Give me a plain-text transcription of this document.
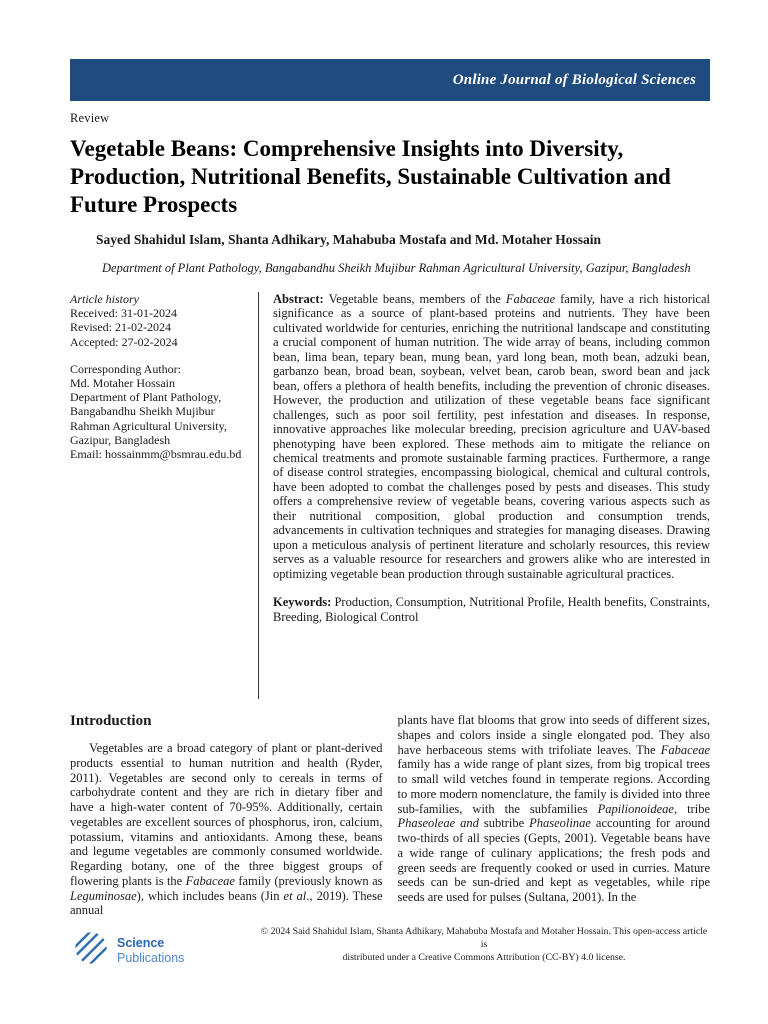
Online Journal of Biological Sciences
Review
Vegetable Beans: Comprehensive Insights into Diversity,
Production, Nutritional Benefits, Sustainable Cultivation and
Future Prospects
Sayed Shahidul Islam, Shanta Adhikary, Mahabuba Mostafa and Md. Motaher Hossain
Department of Plant Pathology, Bangabandhu Sheikh Mujibur Rahman Agricultural University, Gazipur, Bangladesh
Article history
Received: 31-01-2024
Revised: 21-02-2024
Accepted: 27-02-2024
Corresponding Author:
Md. Motaher Hossain
Department of Plant Pathology,
Bangabandhu Sheikh Mujibur
Rahman Agricultural University,
Gazipur, Bangladesh
Email: hossainmm@bsmrau.edu.bd

Abstract: Vegetable beans, members of the Fabaceae family, have a rich historical significance as a source of plant-based proteins and nutrients. They have been cultivated worldwide for centuries, enriching the nutritional landscape and constituting a crucial component of human nutrition. The wide array of beans, including common bean, lima bean, tepary bean, mung bean, yard long bean, moth bean, adzuki bean, garbanzo bean, broad bean, soybean, velvet bean, carob bean, sword bean and jack bean, offers a plethora of health benefits, including the prevention of chronic diseases. However, the production and utilization of these vegetable beans face significant challenges, such as poor soil fertility, pest infestation and diseases. In response, innovative approaches like molecular breeding, precision agriculture and UAV-based phenotyping have been explored. These methods aim to mitigate the reliance on chemical treatments and promote sustainable farming practices. Furthermore, a range of disease control strategies, encompassing biological, chemical and cultural controls, have been adopted to combat the challenges posed by pests and diseases. This study offers a comprehensive review of vegetable beans, covering various aspects such as their nutritional composition, global production and consumption trends, advancements in cultivation techniques and strategies for managing diseases. Drawing upon a meticulous analysis of pertinent literature and scholarly resources, this review serves as a valuable resource for researchers and growers alike who are interested in optimizing vegetable bean production through sustainable agricultural practices.

Keywords: Production, Consumption, Nutritional Profile, Health benefits, Constraints, Breeding, Biological Control

Introduction

Vegetables are a broad category of plant or plant-derived products essential to human nutrition and health (Ryder, 2011). Vegetables are second only to cereals in terms of carbohydrate content and they are rich in dietary fiber and have a high-water content of 70-95%. Additionally, certain vegetables are excellent sources of phosphorus, iron, calcium, potassium, vitamins and antioxidants. Among these, beans and legume vegetables are commonly consumed worldwide. Regarding botany, one of the three biggest groups of flowering plants is the Fabaceae family (previously known as Leguminosae), which includes beans (Jin et al., 2019). These annual

plants have flat blooms that grow into seeds of different sizes, shapes and colors inside a single elongated pod. They also have herbaceous stems with trifoliate leaves. The Fabaceae family has a wide range of plant sizes, from big tropical trees to small wild vetches found in temperate regions. According to more modern nomenclature, the family is divided into three sub-families, with the subfamilies Papilionoideae, tribe Phaseoleae and subtribe Phaseolinae accounting for around two-thirds of all species (Gepts, 2001). Vegetable beans have a wide range of culinary applications; the fresh pods and green seeds are frequently cooked or used in curries. Mature seeds can be sun-dried and kept as vegetables, while ripe seeds are used for pulses (Sultana, 2001). In the

Science
Publications
© 2024 Said Shahidul Islam, Shanta Adhikary, Mahabuba Mostafa and Motaher Hossain. This open-access article is
distributed under a Creative Commons Attribution (CC-BY) 4.0 license.
